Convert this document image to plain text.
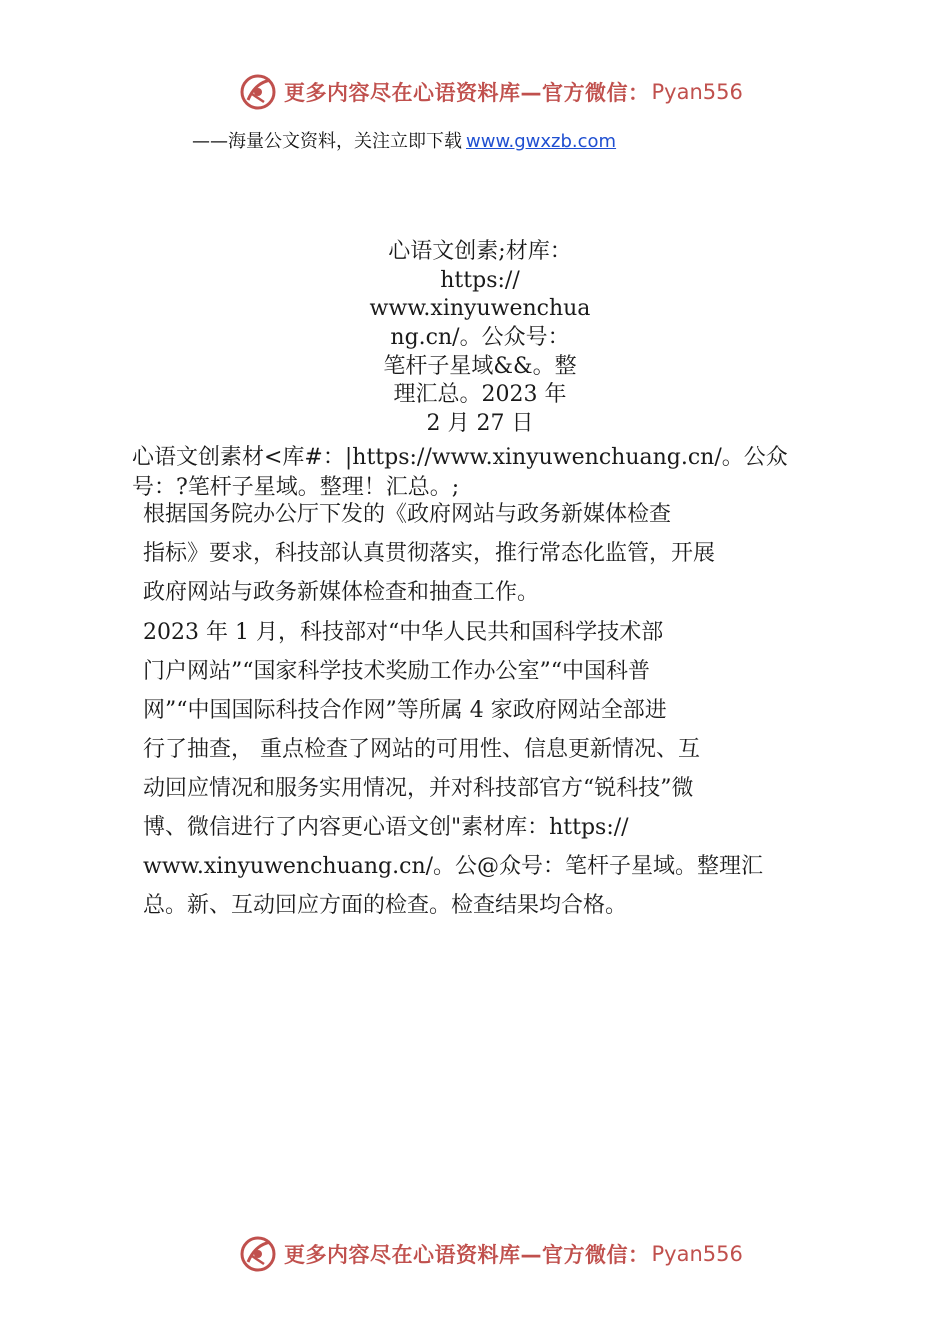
更多内容尽在心语资料库—官方微信： Pyan556
——海量公文资料，关注立即下载 www.gwxzb.com
心语文创素;材库：
https://
www.xinyuwenchua
ng.cn/。公众号：
笔杆子星域&&。整
理汇总。2023 年
2 月 27 日
心语文创素材<库#：|https://www.xinyuwenchuang.cn/。公众
号：?笔杆子星域。整理！汇总。;
根据国务院办公厅下发的《政府网站与政务新媒体检查
指标》要求，科技部认真贯彻落实，推行常态化监管，开展
政府网站与政务新媒体检查和抽查工作。
2023 年 1 月，科技部对“中华人民共和国科学技术部
门户网站”“国家科学技术奖励工作办公室”“中国科普
网”“中国国际科技合作网”等所属 4 家政府网站全部进
行了抽查， 重点检查了网站的可用性、信息更新情况、互
动回应情况和服务实用情况，并对科技部官方“锐科技”微
博、微信进行了内容更心语文创"素材库：https://
www.xinyuwenchuang.cn/。公@众号：笔杆子星域。整理汇
总。新、互动回应方面的检查。检查结果均合格。
更多内容尽在心语资料库—官方微信： Pyan556
